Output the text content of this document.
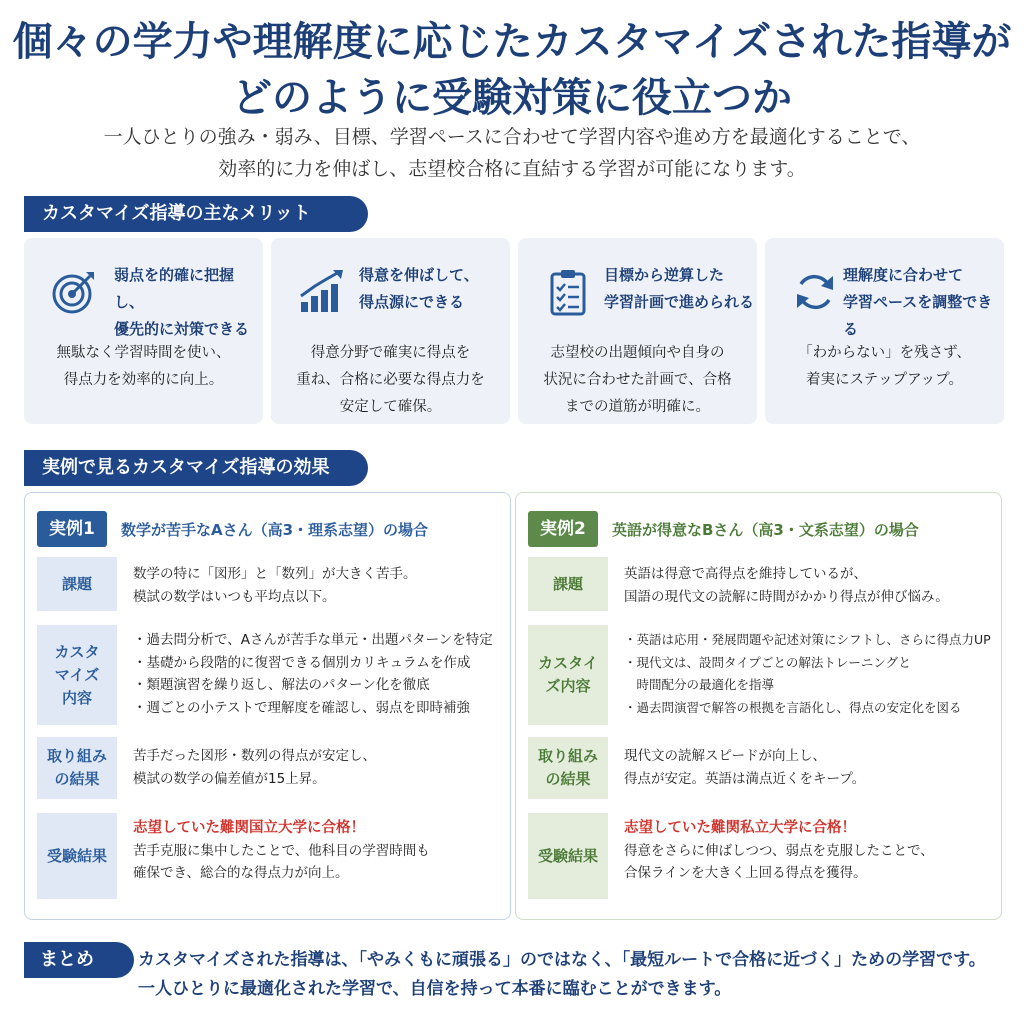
個々の学力や理解度に応じたカスタマイズされた指導が
どのように受験対策に役立つか
一人ひとりの強み・弱み、目標、学習ペースに合わせて学習内容や進め方を最適化することで、
効率的に力を伸ばし、志望校合格に直結する学習が可能になります。
カスタマイズ指導の主なメリット
弱点を的確に把握し、
優先的に対策できる
無駄なく学習時間を使い、
得点力を効率的に向上。
得意を伸ばして、
得点源にできる
得意分野で確実に得点を
重ね、合格に必要な得点力を
安定して確保。
目標から逆算した
学習計画で進められる
志望校の出題傾向や自身の
状況に合わせた計画で、合格
までの道筋が明確に。
理解度に合わせて
学習ペースを調整できる
「わからない」を残さず、
着実にステップアップ。
実例で見るカスタマイズ指導の効果
実例1	数学が苦手なAさん（高3・理系志望）の場合
課題
数学の特に「図形」と「数列」が大きく苦手。
模試の数学はいつも平均点以下。
カスタ
マイズ
内容
・過去問分析で、Aさんが苦手な単元・出題パターンを特定
・基礎から段階的に復習できる個別カリキュラムを作成
・類題演習を繰り返し、解法のパターン化を徹底
・週ごとの小テストで理解度を確認し、弱点を即時補強
取り組み
の結果
苦手だった図形・数列の得点が安定し、
模試の数学の偏差値が15上昇。
受験結果
志望していた難関国立大学に合格！
苦手克服に集中したことで、他科目の学習時間も
確保でき、総合的な得点力が向上。
実例2	英語が得意なBさん（高3・文系志望）の場合
課題
英語は得意で高得点を維持しているが、
国語の現代文の読解に時間がかかり得点が伸び悩み。
カスタイ
ズ内容
・英語は応用・発展問題や記述対策にシフトし、さらに得点力UP
・現代文は、設問タイプごとの解法トレーニングと
　時間配分の最適化を指導
・過去問演習で解答の根拠を言語化し、得点の安定化を図る
取り組み
の結果
現代文の読解スピードが向上し、
得点が安定。英語は満点近くをキープ。
受験結果
志望していた難関私立大学に合格！
得意をさらに伸ばしつつ、弱点を克服したことで、
合保ラインを大きく上回る得点を獲得。
まとめ	カスタマイズされた指導は、「やみくもに頑張る」のではなく、「最短ルートで合格に近づく」ための学習です。
一人ひとりに最適化された学習で、自信を持って本番に臨むことができます。
